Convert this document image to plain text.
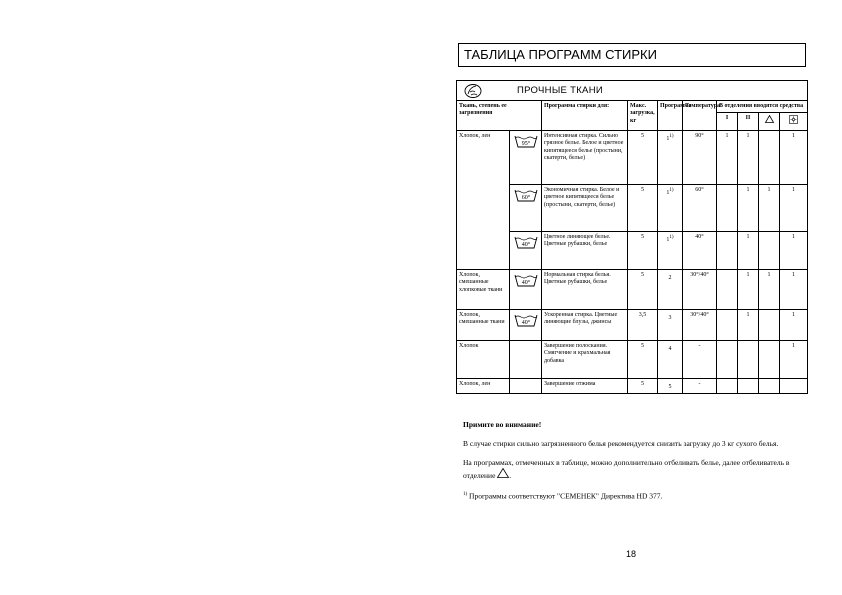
ТАБЛИЦА ПРОГРАММ СТИРКИ
ПРОЧНЫЕ ТКАНИ									

Ткань, степень ее загрязнения		Программа стирки для:	Макс. загрузка, кг	Программа	Температура	В отделения вводятся средства			
						I	II		
Хлопок, лен	95°	Интенсивная стирка. Сильно грязное белье. Белое и цветное кипятящееся белье (простыни, скатерти, белье)	5	1$^{1)}$	90°	1	1		1

60°	Экономичная стирка. Белое и цветное кипятящееся белье (простыни, скатерти, белье)	5	1$^{1)}$	60°		1	1	1

40°	Цветное линяющее белье. Цветные рубашки, белье	5	1$^{1)}$	40°		1		1
Хлопок, смешанные хлопковые ткани	40°	Нормальная стирка белья. Цветные рубашки, белье	5	2	30°/40°		1	1	1
Хлопок, смешанные ткани	40°	Ускоренная стирка. Цветные линяющие блузы, джинсы	3,5	3	30°/40°		1		1
Хлопок		Завершение полоскания. Смягчение и крахмальная добавка	5	4	-				1
Хлопок, лен		Завершение отжима	5	5	-				

Примите во внимание!

В случае стирки сильно загрязненного белья рекомендуется снизить загрузку до 3 кг сухого белья.

На программах, отмеченных в таблице, можно дополнительно отбеливать белье, далее отбеливатель в отделение .

$^{1)}$ Программы соответствуют "СЕМЕНЕК" Директива HD 377.

18
